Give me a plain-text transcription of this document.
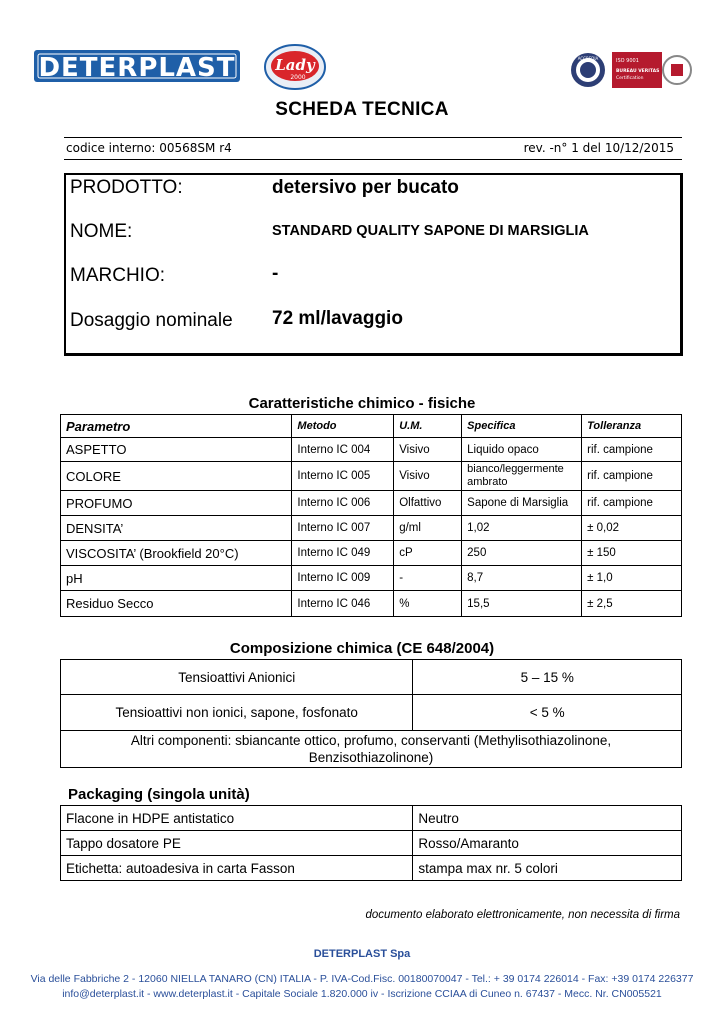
DETERPLAST	Lady
2000
ACCREDIA	ISO 9001
BUREAU VERITAS
Certification
SCHEDA TECNICA
codice interno: 00568SM r4	rev. -n° 1 del 10/12/2015
PRODOTTO:	detersivo per bucato
NOME:	STANDARD QUALITY SAPONE DI MARSIGLIA
MARCHIO:	-
Dosaggio nominale 72 ml/lavaggio
Caratteristiche chimico - fisiche
Parametro	Metodo	U.M.	Specifica	Tolleranza
ASPETTO	Interno IC 004	Visivo	Liquido opaco	rif. campione
COLORE	Interno IC 005	Visivo	bianco/leggermente ambrato	rif. campione
PROFUMO	Interno IC 006	Olfattivo	Sapone di Marsiglia	rif. campione
DENSITA’	Interno IC 007	g/ml	1,02	± 0,02
VISCOSITA’ (Brookfield 20°C)	Interno IC 049	cP	250	± 150
pH	Interno IC 009	-	8,7	± 1,0
Residuo Secco	Interno IC 046	%	15,5	± 2,5
Composizione chimica (CE 648/2004)
Tensioattivi Anionici	5 – 15 %
Tensioattivi non ionici, sapone, fosfonato	< 5 %
Altri componenti: sbiancante ottico, profumo, conservanti (Methylisothiazolinone,
Benzisothiazolinone)	
Packaging (singola unità)
Flacone in HDPE antistatico	Neutro
Tappo dosatore PE	Rosso/Amaranto
Etichetta: autoadesiva in carta Fasson	stampa max nr. 5 colori
documento elaborato elettronicamente, non necessita di firma
DETERPLAST Spa
Via delle Fabbriche 2 - 12060 NIELLA TANARO (CN) ITALIA - P. IVA-Cod.Fisc. 00180070047 - Tel.: + 39 0174 226014 - Fax: +39 0174 226377
info@deterplast.it - www.deterplast.it - Capitale Sociale 1.820.000 iv - Iscrizione CCIAA di Cuneo n. 67437 - Mecc. Nr. CN005521
